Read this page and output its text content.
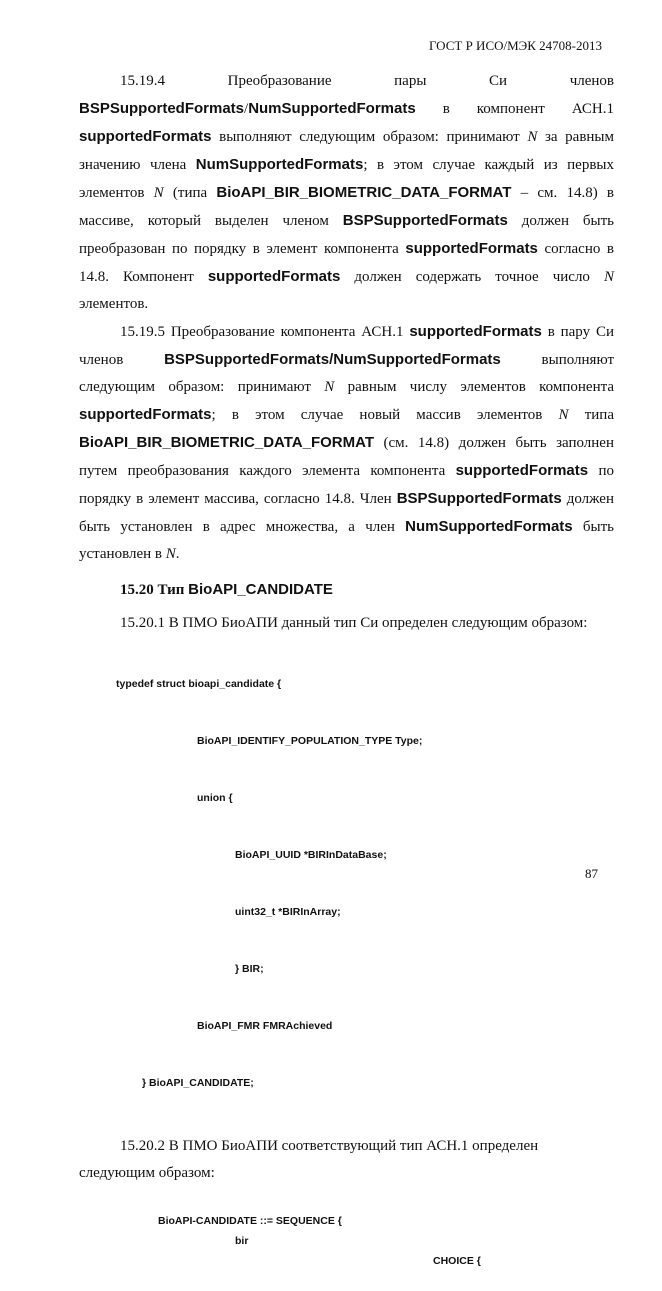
ГОСТ Р ИСО/МЭК 24708-2013

15.19.4 Преобразование пары Си членов BSPSupportedFormats/NumSupportedFormats в компонент АСН.1 supportedFormats выполняют следующим образом: принимают N за равным значению члена NumSupportedFormats; в этом случае каждый из первых элементов N (типа BioAPI_BIR_BIOMETRIC_DATA_FORMAT – см. 14.8) в массиве, который выделен членом BSPSupportedFormats должен быть преобразован по порядку в элемент компонента supportedFormats согласно в 14.8. Компонент supportedFormats должен содержать точное число N элементов.

15.19.5 Преобразование компонента АСН.1 supportedFormats в пару Си членов BSPSupportedFormats/NumSupportedFormats выполняют следующим образом: принимают N равным числу элементов компонента supportedFormats; в этом случае новый массив элементов N типа BioAPI_BIR_BIOMETRIC_DATA_FORMAT (см. 14.8) должен быть заполнен путем преобразования каждого элемента компонента supportedFormats по порядку в элемент массива, согласно 14.8. Член BSPSupportedFormats должен быть установлен в адрес множества, а член NumSupportedFormats быть установлен в N.

15.20 Тип BioAPI_CANDIDATE
15.20.1 В ПМО БиоАПИ данный тип Си определен следующим образом:

typedef struct bioapi_candidate {

BioAPI_IDENTIFY_POPULATION_TYPE Type;

union {

BioAPI_UUID *BIRInDataBase;

uint32_t *BIRInArray;

} BIR;

BioAPI_FMR FMRAchieved

} BioAPI_CANDIDATE;

15.20.2 В ПМО БиоАПИ соответствующий тип АСН.1 определен следующим образом:

BioAPI-CANDIDATE ::= SEQUENCE {

bir

CHOICE {

87
